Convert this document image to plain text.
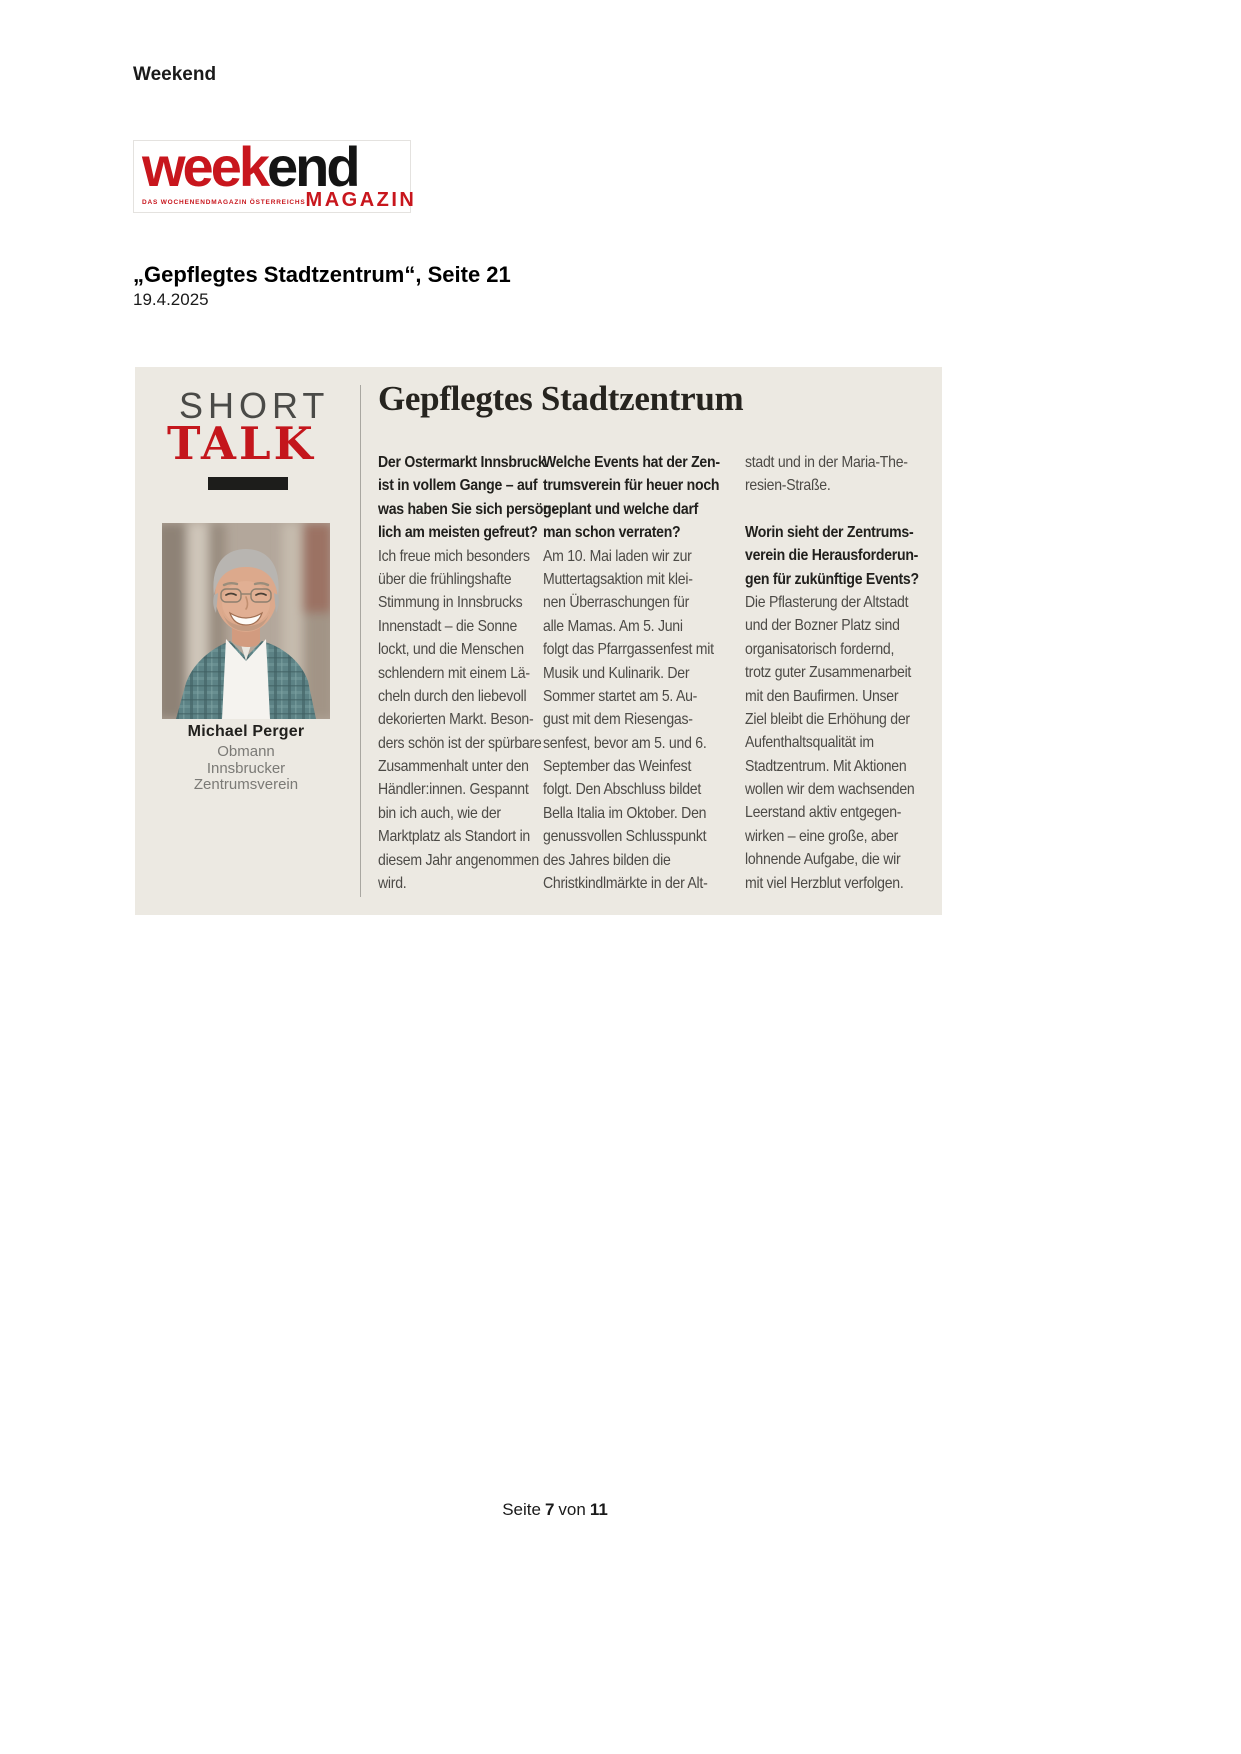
Weekend
weekend
DAS WOCHENENDMAGAZIN ÖSTERREICHS MAGAZIN
„Gepflegtes Stadtzentrum“, Seite 21
19.4.2025
SHORT
TALK
Michael Perger
Obmann
Innsbrucker
Zentrumsverein
Gepflegtes Stadtzentrum
Der Ostermarkt Innsbruck
ist in vollem Gange – auf
was haben Sie sich persön-
lich am meisten gefreut?
Ich freue mich besonders
über die frühlingshafte
Stimmung in Innsbrucks
Innenstadt – die Sonne
lockt, und die Menschen
schlendern mit einem Lä-
cheln durch den liebevoll
dekorierten Markt. Beson-
ders schön ist der spürbare
Zusammenhalt unter den
Händler:innen. Gespannt
bin ich auch, wie der
Marktplatz als Standort in
diesem Jahr angenommen
wird.
Welche Events hat der Zen-
trumsverein für heuer noch
geplant und welche darf
man schon verraten?
Am 10. Mai laden wir zur
Muttertagsaktion mit klei-
nen Überraschungen für
alle Mamas. Am 5. Juni
folgt das Pfarrgassenfest mit
Musik und Kulinarik. Der
Sommer startet am 5. Au-
gust mit dem Riesengas-
senfest, bevor am 5. und 6.
September das Weinfest
folgt. Den Abschluss bildet
Bella Italia im Oktober. Den
genussvollen Schlusspunkt
des Jahres bilden die
Christkindlmärkte in der Alt-
stadt und in der Maria-The-
resien-Straße.
Worin sieht der Zentrums-
verein die Herausforderun-
gen für zukünftige Events?
Die Pflasterung der Altstadt
und der Bozner Platz sind
organisatorisch fordernd,
trotz guter Zusammenarbeit
mit den Baufirmen. Unser
Ziel bleibt die Erhöhung der
Aufenthaltsqualität im
Stadtzentrum. Mit Aktionen
wollen wir dem wachsenden
Leerstand aktiv entgegen-
wirken – eine große, aber
lohnende Aufgabe, die wir
mit viel Herzblut verfolgen.
Seite 7 von 11
